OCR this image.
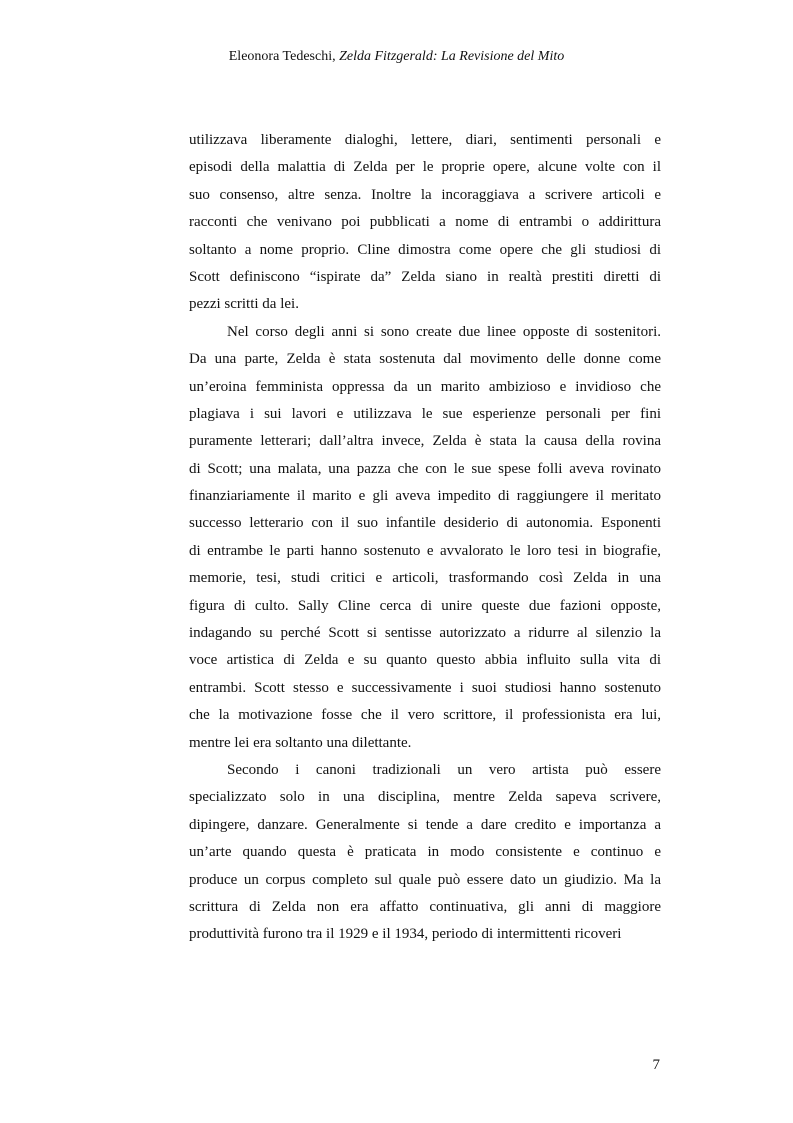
Eleonora Tedeschi, Zelda Fitzgerald: La Revisione del Mito
utilizzava liberamente dialoghi, lettere, diari, sentimenti personali e
episodi della malattia di Zelda per le proprie opere, alcune volte con il
suo consenso, altre senza. Inoltre la incoraggiava a scrivere articoli e
racconti che venivano poi pubblicati a nome di entrambi o addirittura
soltanto a nome proprio. Cline dimostra come opere che gli studiosi di
Scott definiscono “ispirate da” Zelda siano in realtà prestiti diretti di
pezzi scritti da lei.
Nel corso degli anni si sono create due linee opposte di sostenitori.
Da una parte, Zelda è stata sostenuta dal movimento delle donne come
un’eroina femminista oppressa da un marito ambizioso e invidioso che
plagiava i sui lavori e utilizzava le sue esperienze personali per fini
puramente letterari; dall’altra invece, Zelda è stata la causa della rovina
di Scott; una malata, una pazza che con le sue spese folli aveva rovinato
finanziariamente il marito e gli aveva impedito di raggiungere il meritato
successo letterario con il suo infantile desiderio di autonomia. Esponenti
di entrambe le parti hanno sostenuto e avvalorato le loro tesi in biografie,
memorie, tesi, studi critici e articoli, trasformando così Zelda in una
figura di culto. Sally Cline cerca di unire queste due fazioni opposte,
indagando su perché Scott si sentisse autorizzato a ridurre al silenzio la
voce artistica di Zelda e su quanto questo abbia influito sulla vita di
entrambi. Scott stesso e successivamente i suoi studiosi hanno sostenuto
che la motivazione fosse che il vero scrittore, il professionista era lui,
mentre lei era soltanto una dilettante.
Secondo i canoni tradizionali un vero artista può essere
specializzato solo in una disciplina, mentre Zelda sapeva scrivere,
dipingere, danzare. Generalmente si tende a dare credito e importanza a
un’arte quando questa è praticata in modo consistente e continuo e
produce un corpus completo sul quale può essere dato un giudizio. Ma la
scrittura di Zelda non era affatto continuativa, gli anni di maggiore
produttività furono tra il 1929 e il 1934, periodo di intermittenti ricoveri
7
